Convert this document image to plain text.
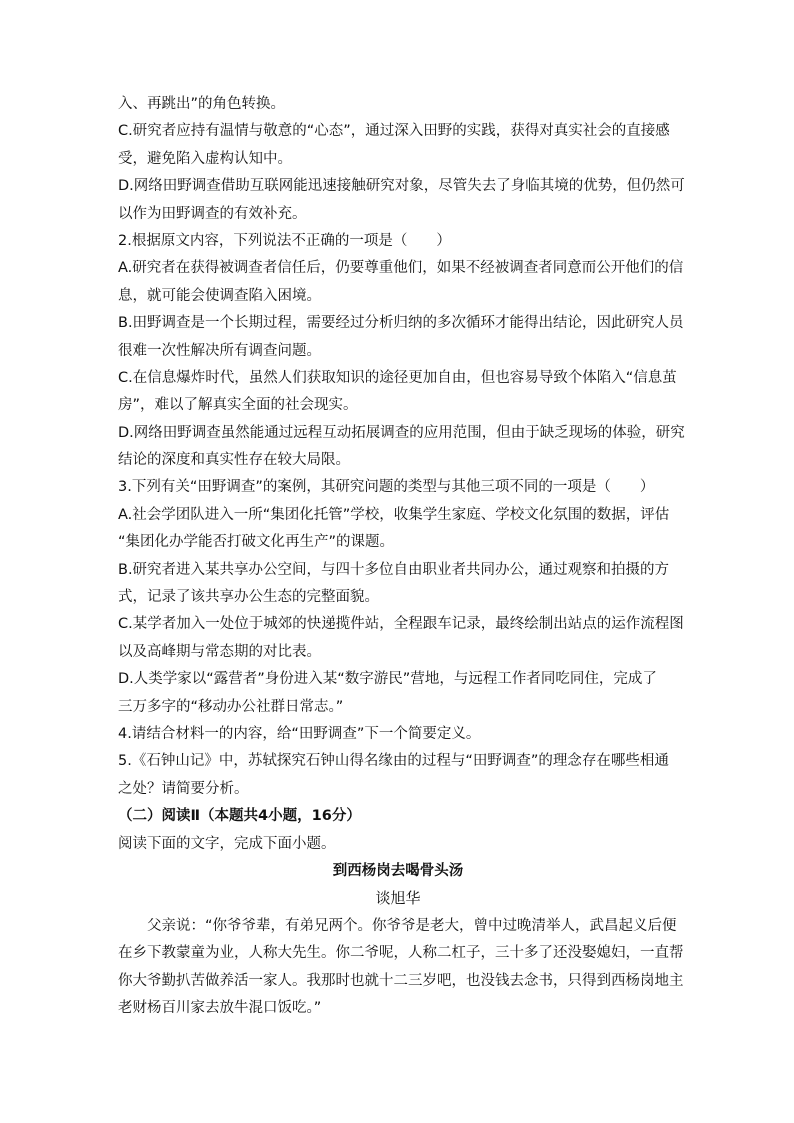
入、再跳出”的角色转换。
C.研究者应持有温情与敬意的“心态”，通过深入田野的实践，获得对真实社会的直接感
受，避免陷入虚构认知中。
D.网络田野调查借助互联网能迅速接触研究对象，尽管失去了身临其境的优势，但仍然可
以作为田野调查的有效补充。
2.根据原文内容，下列说法不正确的一项是（　　）
A.研究者在获得被调查者信任后，仍要尊重他们，如果不经被调查者同意而公开他们的信
息，就可能会使调查陷入困境。
B.田野调查是一个长期过程，需要经过分析归纳的多次循环才能得出结论，因此研究人员
很难一次性解决所有调查问题。
C.在信息爆炸时代，虽然人们获取知识的途径更加自由，但也容易导致个体陷入“信息茧
房”，难以了解真实全面的社会现实。
D.网络田野调查虽然能通过远程互动拓展调查的应用范围，但由于缺乏现场的体验，研究
结论的深度和真实性存在较大局限。
3.下列有关“田野调查”的案例，其研究问题的类型与其他三项不同的一项是（　　）
A.社会学团队进入一所“集团化托管”学校，收集学生家庭、学校文化氛围的数据，评估
“集团化办学能否打破文化再生产”的课题。
B.研究者进入某共享办公空间，与四十多位自由职业者共同办公，通过观察和拍摄的方
式，记录了该共享办公生态的完整面貌。
C.某学者加入一处位于城郊的快递揽件站，全程跟车记录，最终绘制出站点的运作流程图
以及高峰期与常态期的对比表。
D.人类学家以“露营者”身份进入某“数字游民”营地，与远程工作者同吃同住，完成了
三万多字的“移动办公社群日常志。”
4.请结合材料一的内容，给“田野调查”下一个简要定义。
5.《石钟山记》中，苏轼探究石钟山得名缘由的过程与“田野调查”的理念存在哪些相通
之处？请简要分析。
（二）阅读Ⅱ（本题共4小题，16分）
阅读下面的文字，完成下面小题。
到西杨岗去喝骨头汤
谈旭华
　　父亲说：“你爷爷辈，有弟兄两个。你爷爷是老大，曾中过晚清举人，武昌起义后便
在乡下教蒙童为业，人称大先生。你二爷呢，人称二杠子，三十多了还没娶媳妇，一直帮
你大爷勤扒苦做养活一家人。我那时也就十二三岁吧，也没钱去念书，只得到西杨岗地主
老财杨百川家去放牛混口饭吃。”
